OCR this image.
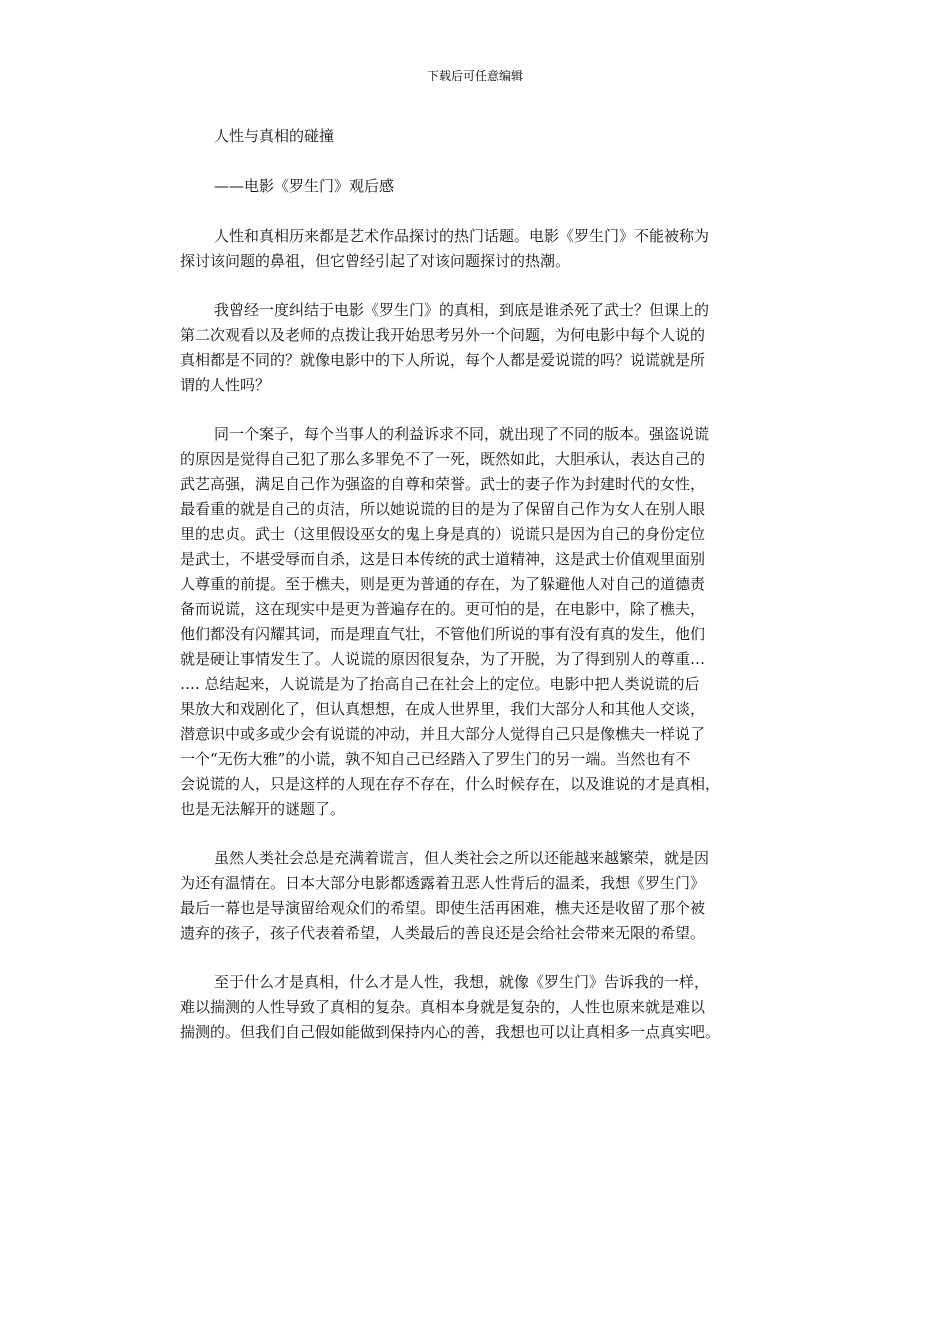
下载后可任意编辑
人性与真相的碰撞
——电影《罗生门》观后感
人性和真相历来都是艺术作品探讨的热门话题。电影《罗生门》不能被称为
探讨该问题的鼻祖，但它曾经引起了对该问题探讨的热潮。
我曾经一度纠结于电影《罗生门》的真相，到底是谁杀死了武士？但课上的
第二次观看以及老师的点拨让我开始思考另外一个问题，为何电影中每个人说的
真相都是不同的？就像电影中的下人所说，每个人都是爱说谎的吗？说谎就是所
谓的人性吗？
同一个案子，每个当事人的利益诉求不同，就出现了不同的版本。强盗说谎
的原因是觉得自己犯了那么多罪免不了一死，既然如此，大胆承认，表达自己的
武艺高强，满足自己作为强盗的自尊和荣誉。武士的妻子作为封建时代的女性，
最看重的就是自己的贞洁，所以她说谎的目的是为了保留自己作为女人在别人眼
里的忠贞。武士（这里假设巫女的鬼上身是真的）说谎只是因为自己的身份定位
是武士，不堪受辱而自杀，这是日本传统的武士道精神，这是武士价值观里面别
人尊重的前提。至于樵夫，则是更为普通的存在，为了躲避他人对自己的道德责
备而说谎，这在现实中是更为普遍存在的。更可怕的是，在电影中，除了樵夫，
他们都没有闪耀其词，而是理直气壮，不管他们所说的事有没有真的发生，他们
就是硬让事情发生了。人说谎的原因很复杂，为了开脱，为了得到别人的尊重…
…. 总结起来，人说谎是为了抬高自己在社会上的定位。电影中把人类说谎的后
果放大和戏剧化了，但认真想想，在成人世界里，我们大部分人和其他人交谈，
潜意识中或多或少会有说谎的冲动，并且大部分人觉得自己只是像樵夫一样说了
一个“无伤大雅”的小谎，孰不知自己已经踏入了罗生门的另一端。当然也有不
会说谎的人，只是这样的人现在存不存在，什么时候存在，以及谁说的才是真相，
也是无法解开的谜题了。
虽然人类社会总是充满着谎言，但人类社会之所以还能越来越繁荣，就是因
为还有温情在。日本大部分电影都透露着丑恶人性背后的温柔，我想《罗生门》
最后一幕也是导演留给观众们的希望。即使生活再困难，樵夫还是收留了那个被
遗弃的孩子，孩子代表着希望，人类最后的善良还是会给社会带来无限的希望。
至于什么才是真相，什么才是人性，我想，就像《罗生门》告诉我的一样，
难以揣测的人性导致了真相的复杂。真相本身就是复杂的，人性也原来就是难以
揣测的。但我们自己假如能做到保持内心的善，我想也可以让真相多一点真实吧。
